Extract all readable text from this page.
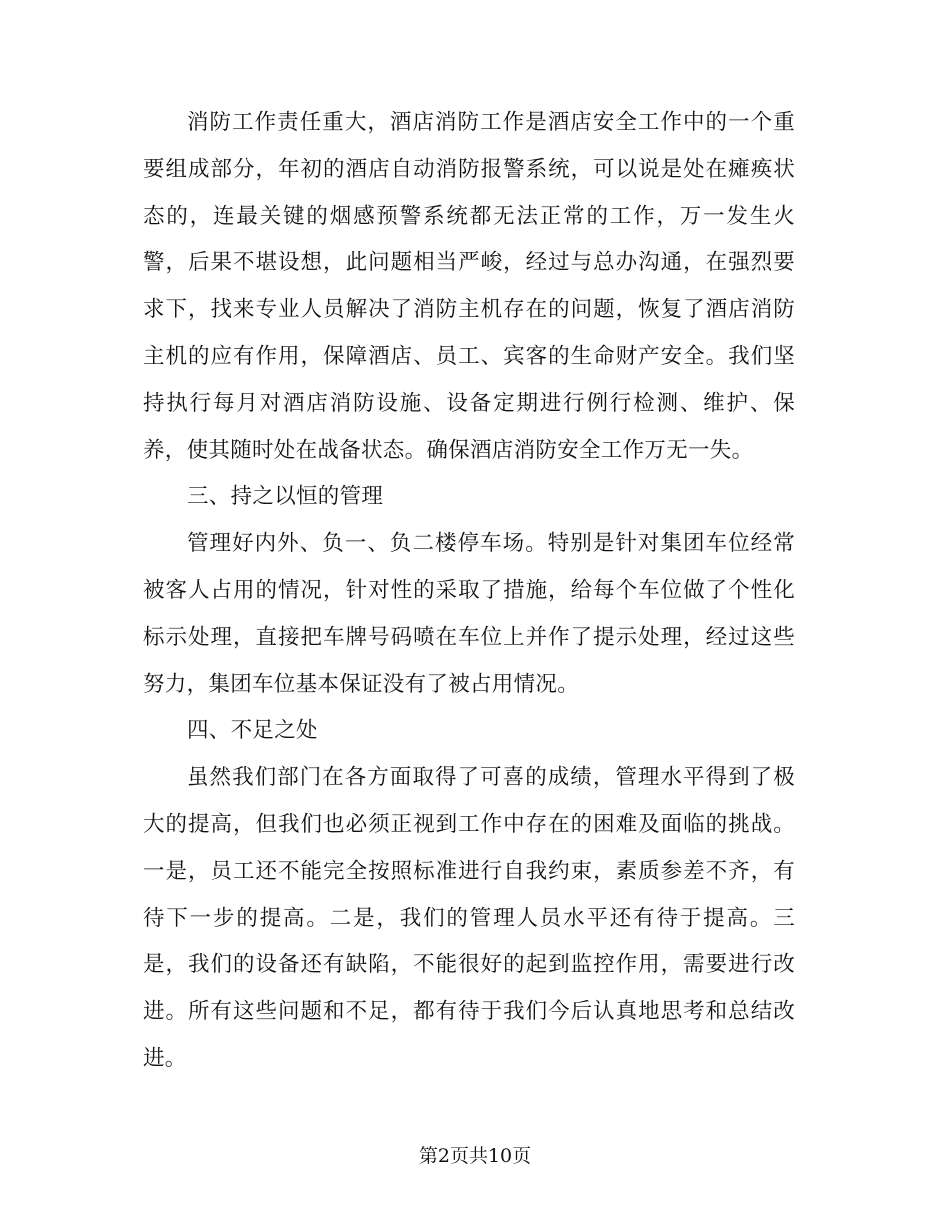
消防工作责任重大，酒店消防工作是酒店安全工作中的一个重要组成部分，年初的酒店自动消防报警系统，可以说是处在瘫痪状态的，连最关键的烟感预警系统都无法正常的工作，万一发生火警，后果不堪设想，此问题相当严峻，经过与总办沟通，在强烈要求下，找来专业人员解决了消防主机存在的问题，恢复了酒店消防主机的应有作用，保障酒店、员工、宾客的生命财产安全。我们坚持执行每月对酒店消防设施、设备定期进行例行检测、维护、保养，使其随时处在战备状态。确保酒店消防安全工作万无一失。

三、持之以恒的管理

管理好内外、负一、负二楼停车场。特别是针对集团车位经常被客人占用的情况，针对性的采取了措施，给每个车位做了个性化标示处理，直接把车牌号码喷在车位上并作了提示处理，经过这些努力，集团车位基本保证没有了被占用情况。

四、不足之处

虽然我们部门在各方面取得了可喜的成绩，管理水平得到了极大的提高，但我们也必须正视到工作中存在的困难及面临的挑战。一是，员工还不能完全按照标准进行自我约束，素质参差不齐，有待下一步的提高。二是，我们的管理人员水平还有待于提高。三是，我们的设备还有缺陷，不能很好的起到监控作用，需要进行改进。所有这些问题和不足，都有待于我们今后认真地思考和总结改进。

第2页共10页
